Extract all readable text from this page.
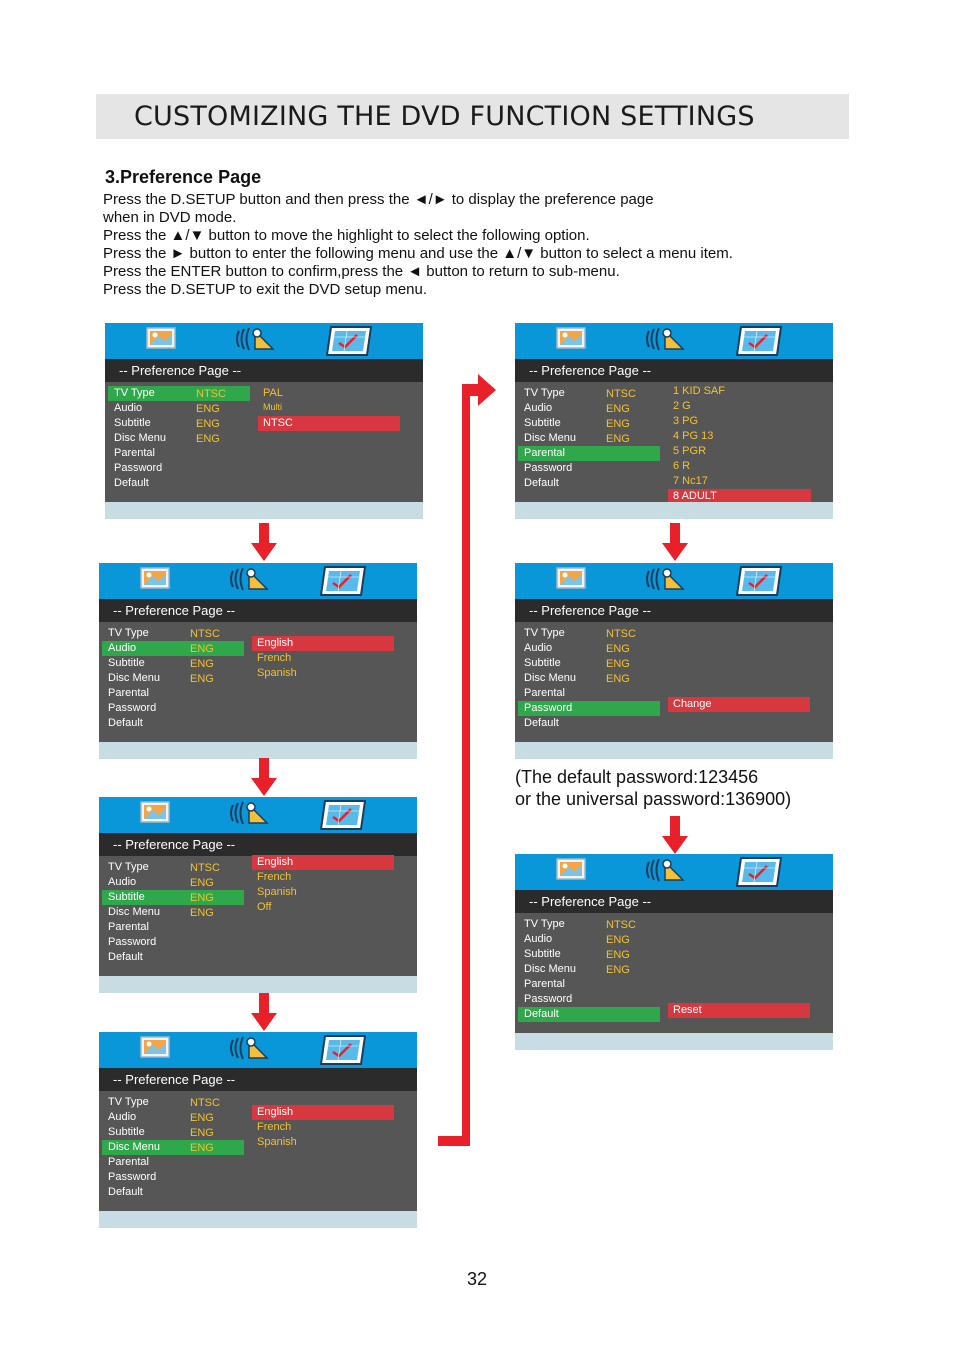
CUSTOMIZING THE DVD FUNCTION SETTINGS
3.Preference Page
Press the D.SETUP button and then press the ◄/► to display the preference page
when in DVD mode.
Press the ▲/▼ button to move the highlight to select the following option.
Press the ► button to enter the following menu and use the ▲/▼ button to select a menu item.
Press the ENTER button to confirm,press the ◄ button to return to sub-menu.
Press the D.SETUP to exit the DVD setup menu.
-- Preference Page --
TV Type
Audio
Subtitle
Disc Menu
Parental
Password
Default
NTSC
ENG
ENG
ENG
PAL
Multi
NTSC
-- Preference Page --
TV Type
Audio
Subtitle
Disc Menu
Parental
Password
Default
NTSC
ENG
ENG
ENG
English
French
Spanish
-- Preference Page --
TV Type
Audio
Subtitle
Disc Menu
Parental
Password
Default
NTSC
ENG
ENG
ENG
English
French
Spanish
Off
-- Preference Page --
TV Type
Audio
Subtitle
Disc Menu
Parental
Password
Default
NTSC
ENG
ENG
ENG
English
French
Spanish
-- Preference Page --
TV Type
Audio
Subtitle
Disc Menu
Parental
Password
Default
NTSC
ENG
ENG
ENG
1 KID SAF
2 G
3 PG
4 PG 13
5 PGR
6 R
7 Nc17
8 ADULT
-- Preference Page --
TV Type
Audio
Subtitle
Disc Menu
Parental
Password
Default
NTSC
ENG
ENG
ENG
Change
-- Preference Page --
TV Type
Audio
Subtitle
Disc Menu
Parental
Password
Default
NTSC
ENG
ENG
ENG
Reset
(The default password:123456
or the universal password:136900)
32
